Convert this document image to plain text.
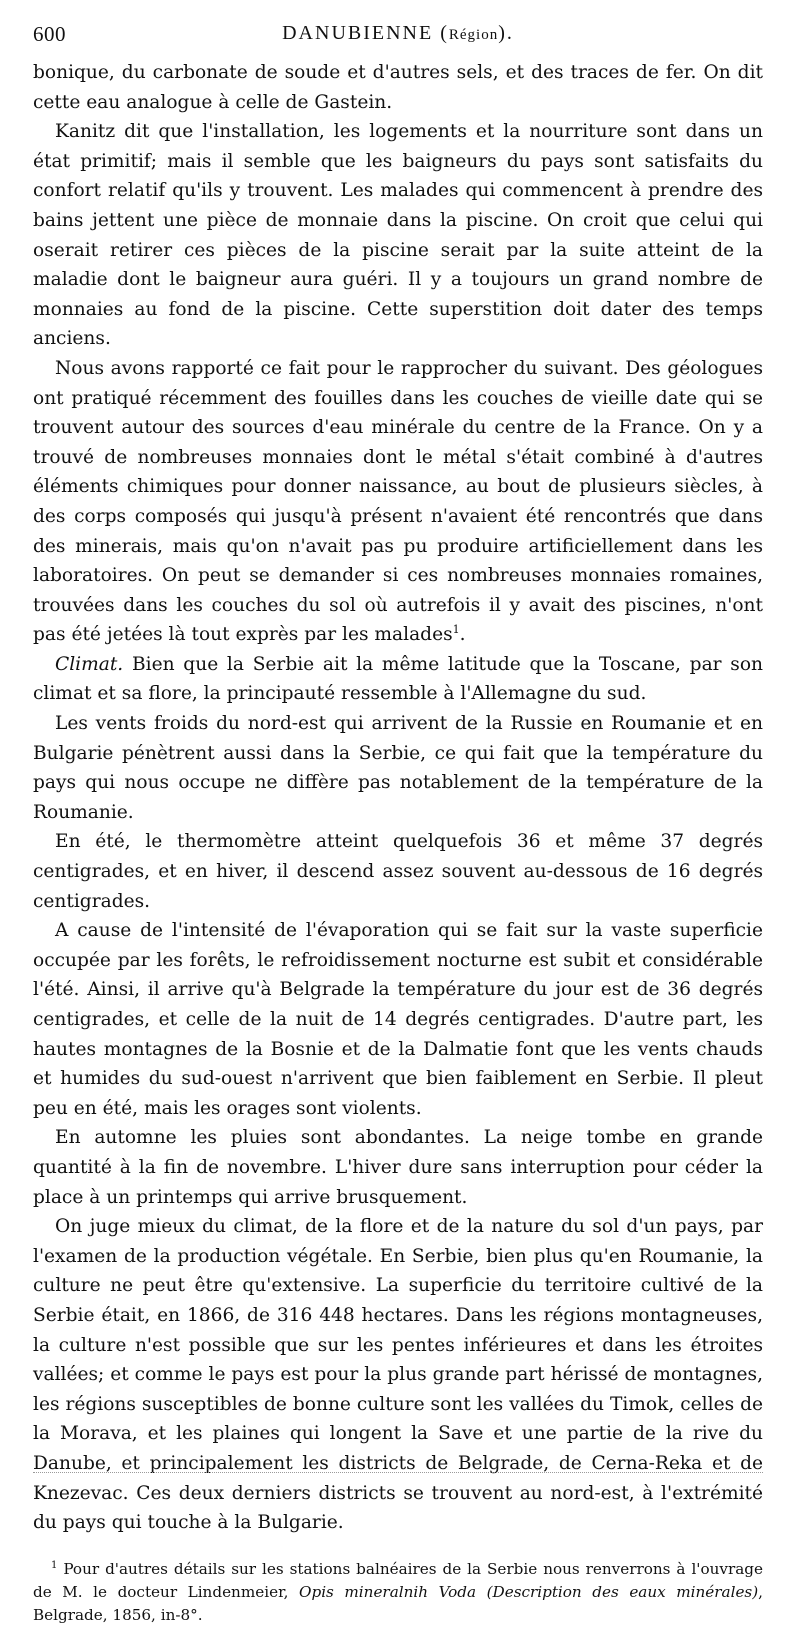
600	DANUBIENNE (Région).

bonique, du carbonate de soude et d'autres sels, et des traces de fer. On dit cette eau analogue à celle de Gastein.

Kanitz dit que l'installation, les logements et la nourriture sont dans un état primitif; mais il semble que les baigneurs du pays sont satisfaits du confort relatif qu'ils y trouvent. Les malades qui commencent à prendre des bains jettent une pièce de monnaie dans la piscine. On croit que celui qui oserait retirer ces pièces de la piscine serait par la suite atteint de la maladie dont le baigneur aura guéri. Il y a toujours un grand nombre de monnaies au fond de la piscine. Cette superstition doit dater des temps anciens.

Nous avons rapporté ce fait pour le rapprocher du suivant. Des géologues ont pratiqué récemment des fouilles dans les couches de vieille date qui se trouvent autour des sources d'eau minérale du centre de la France. On y a trouvé de nombreuses monnaies dont le métal s'était combiné à d'autres éléments chimiques pour donner naissance, au bout de plusieurs siècles, à des corps composés qui jusqu'à présent n'avaient été rencontrés que dans des minerais, mais qu'on n'avait pas pu produire artificiellement dans les laboratoires. On peut se demander si ces nombreuses monnaies romaines, trouvées dans les couches du sol où autrefois il y avait des piscines, n'ont pas été jetées là tout exprès par les malades$^1$.

Climat. Bien que la Serbie ait la même latitude que la Toscane, par son climat et sa flore, la principauté ressemble à l'Allemagne du sud.

Les vents froids du nord-est qui arrivent de la Russie en Roumanie et en Bulgarie pénètrent aussi dans la Serbie, ce qui fait que la température du pays qui nous occupe ne diffère pas notablement de la température de la Roumanie.

En été, le thermomètre atteint quelquefois 36 et même 37 degrés centigrades, et en hiver, il descend assez souvent au-dessous de 16 degrés centigrades.

A cause de l'intensité de l'évaporation qui se fait sur la vaste superficie occupée par les forêts, le refroidissement nocturne est subit et considérable l'été. Ainsi, il arrive qu'à Belgrade la température du jour est de 36 degrés centigrades, et celle de la nuit de 14 degrés centigrades. D'autre part, les hautes montagnes de la Bosnie et de la Dalmatie font que les vents chauds et humides du sud-ouest n'arrivent que bien faiblement en Serbie. Il pleut peu en été, mais les orages sont violents.

En automne les pluies sont abondantes. La neige tombe en grande quantité à la fin de novembre. L'hiver dure sans interruption pour céder la place à un printemps qui arrive brusquement.

On juge mieux du climat, de la flore et de la nature du sol d'un pays, par l'examen de la production végétale. En Serbie, bien plus qu'en Roumanie, la culture ne peut être qu'extensive. La superficie du territoire cultivé de la Serbie était, en 1866, de 316 448 hectares. Dans les régions montagneuses, la culture n'est possible que sur les pentes inférieures et dans les étroites vallées; et comme le pays est pour la plus grande part hérissé de montagnes, les régions susceptibles de bonne culture sont les vallées du Timok, celles de la Morava, et les plaines qui longent la Save et une partie de la rive du Danube, et principalement les districts de Belgrade, de Cerna-Reka et de Knezevac. Ces deux derniers districts se trouvent au nord-est, à l'extrémité du pays qui touche à la Bulgarie.

$^1$ Pour d'autres détails sur les stations balnéaires de la Serbie nous renverrons à l'ouvrage de M. le docteur Lindenmeier, Opis mineralnih Voda (Description des eaux minérales), Belgrade, 1856, in-8°.
